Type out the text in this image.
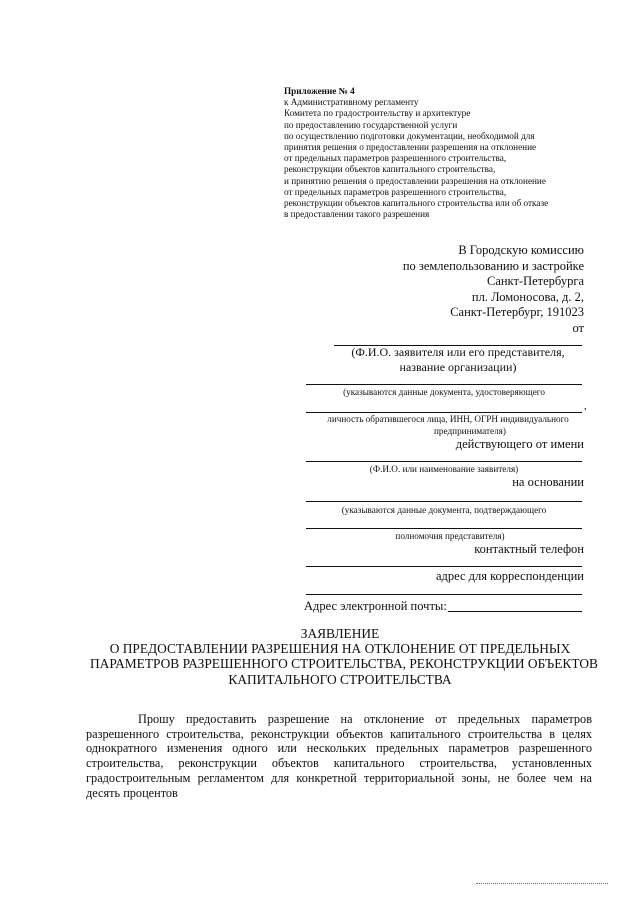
Приложение № 4
к Административному регламенту
Комитета по градостроительству и архитектуре
по предоставлению государственной услуги
по осуществлению подготовки документации, необходимой для
принятия решения о предоставлении разрешения на отклонение
от предельных параметров разрешенного строительства,
реконструкции объектов капитального строительства,
и принятию решения о предоставлении разрешения на отклонение
от предельных параметров разрешенного строительства,
реконструкции объектов капитального строительства или об отказе
в предоставлении такого разрешения
В Городскую комиссию
по землепользованию и застройке
Санкт-Петербурга
пл. Ломоносова, д. 2,
Санкт-Петербург, 191023
от
(Ф.И.О. заявителя или его представителя,
название организации)
(указываются данные документа, удостоверяющего
,
личность обратившегося лица, ИНН, ОГРН индивидуального
предпринимателя)
действующего от имени
(Ф.И.О. или наименование заявителя)
на основании
(указываются данные документа, подтверждающего
полномочия представителя)
контактный телефон
адрес для корреспонденции
Адрес электронной почты:
ЗАЯВЛЕНИЕ
О ПРЕДОСТАВЛЕНИИ РАЗРЕШЕНИЯ НА ОТКЛОНЕНИЕ ОТ ПРЕДЕЛЬНЫХ
ПАРАМЕТРОВ РАЗРЕШЕННОГО СТРОИТЕЛЬСТВА, РЕКОНСТРУКЦИИ ОБЪЕКТОВ
КАПИТАЛЬНОГО СТРОИТЕЛЬСТВА
Прошу предоставить разрешение на отклонение от предельных параметров разрешенного строительства, реконструкции объектов капитального строительства в целях однократного изменения одного или нескольких предельных параметров разрешенного строительства, реконструкции объектов капитального строительства, установленных градостроительным регламентом для конкретной территориальной зоны, не более чем на десять процентов
